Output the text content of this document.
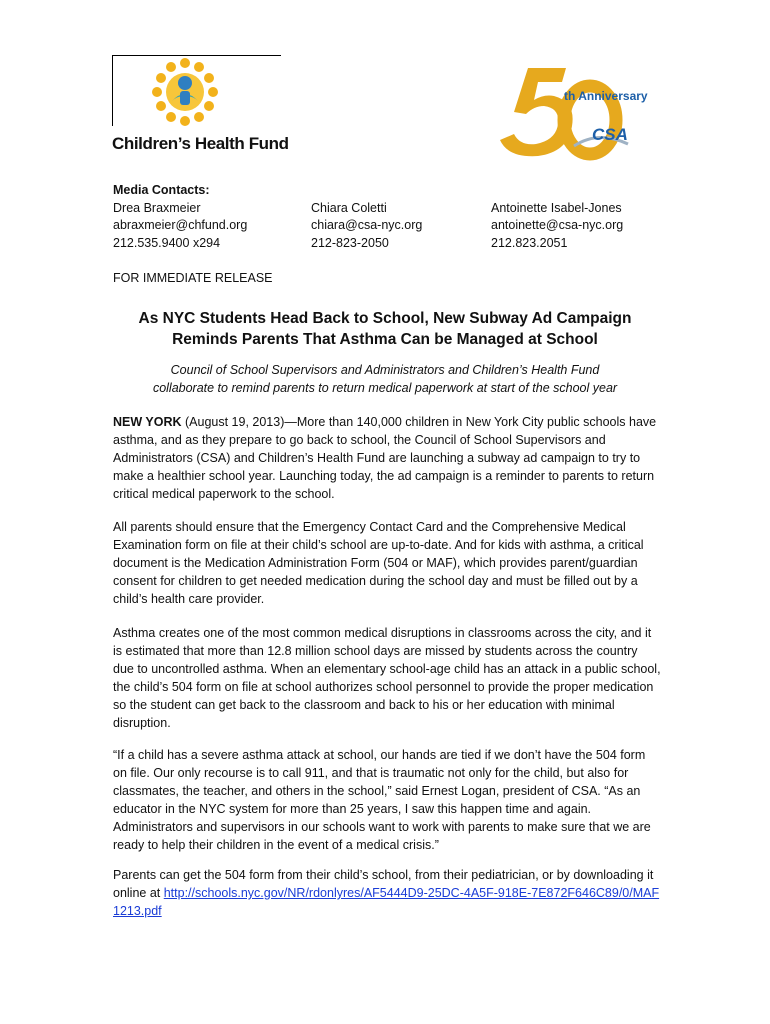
Children’s Health Fund
th Anniversary
CSA
Media Contacts:
Drea Braxmeier
abraxmeier@chfund.org
212.535.9400 x294
Chiara Coletti
chiara@csa-nyc.org
212-823-2050
Antoinette Isabel-Jones
antoinette@csa-nyc.org
212.823.2051
FOR IMMEDIATE RELEASE
As NYC Students Head Back to School, New Subway Ad Campaign
Reminds Parents That Asthma Can be Managed at School
Council of School Supervisors and Administrators and Children’s Health Fund
collaborate to remind parents to return medical paperwork at start of the school year
NEW YORK (August 19, 2013)—More than 140,000 children in New York City public schools have asthma, and as they prepare to go back to school, the Council of School Supervisors and Administrators (CSA) and Children’s Health Fund are launching a subway ad campaign to try to make a healthier school year. Launching today, the ad campaign is a reminder to parents to return critical medical paperwork to the school.
All parents should ensure that the Emergency Contact Card and the Comprehensive Medical Examination form on file at their child’s school are up-to-date. And for kids with asthma, a critical document is the Medication Administration Form (504 or MAF), which provides parent/guardian consent for children to get needed medication during the school day and must be filled out by a child’s health care provider.
Asthma creates one of the most common medical disruptions in classrooms across the city, and it is estimated that more than 12.8 million school days are missed by students across the country due to uncontrolled asthma. When an elementary school-age child has an attack in a public school, the child’s 504 form on file at school authorizes school personnel to provide the proper medication so the student can get back to the classroom and back to his or her education with minimal disruption.
“If a child has a severe asthma attack at school, our hands are tied if we don’t have the 504 form on file. Our only recourse is to call 911, and that is traumatic not only for the child, but also for classmates, the teacher, and others in the school,” said Ernest Logan, president of CSA. “As an educator in the NYC system for more than 25 years, I saw this happen time and again. Administrators and supervisors in our schools want to work with parents to make sure that we are ready to help their children in the event of a medical crisis.”
Parents can get the 504 form from their child’s school, from their pediatrician, or by downloading it online at http://schools.nyc.gov/NR/rdonlyres/AF5444D9-25DC-4A5F-918E-7E872F646C89/0/MAF1213.pdf
